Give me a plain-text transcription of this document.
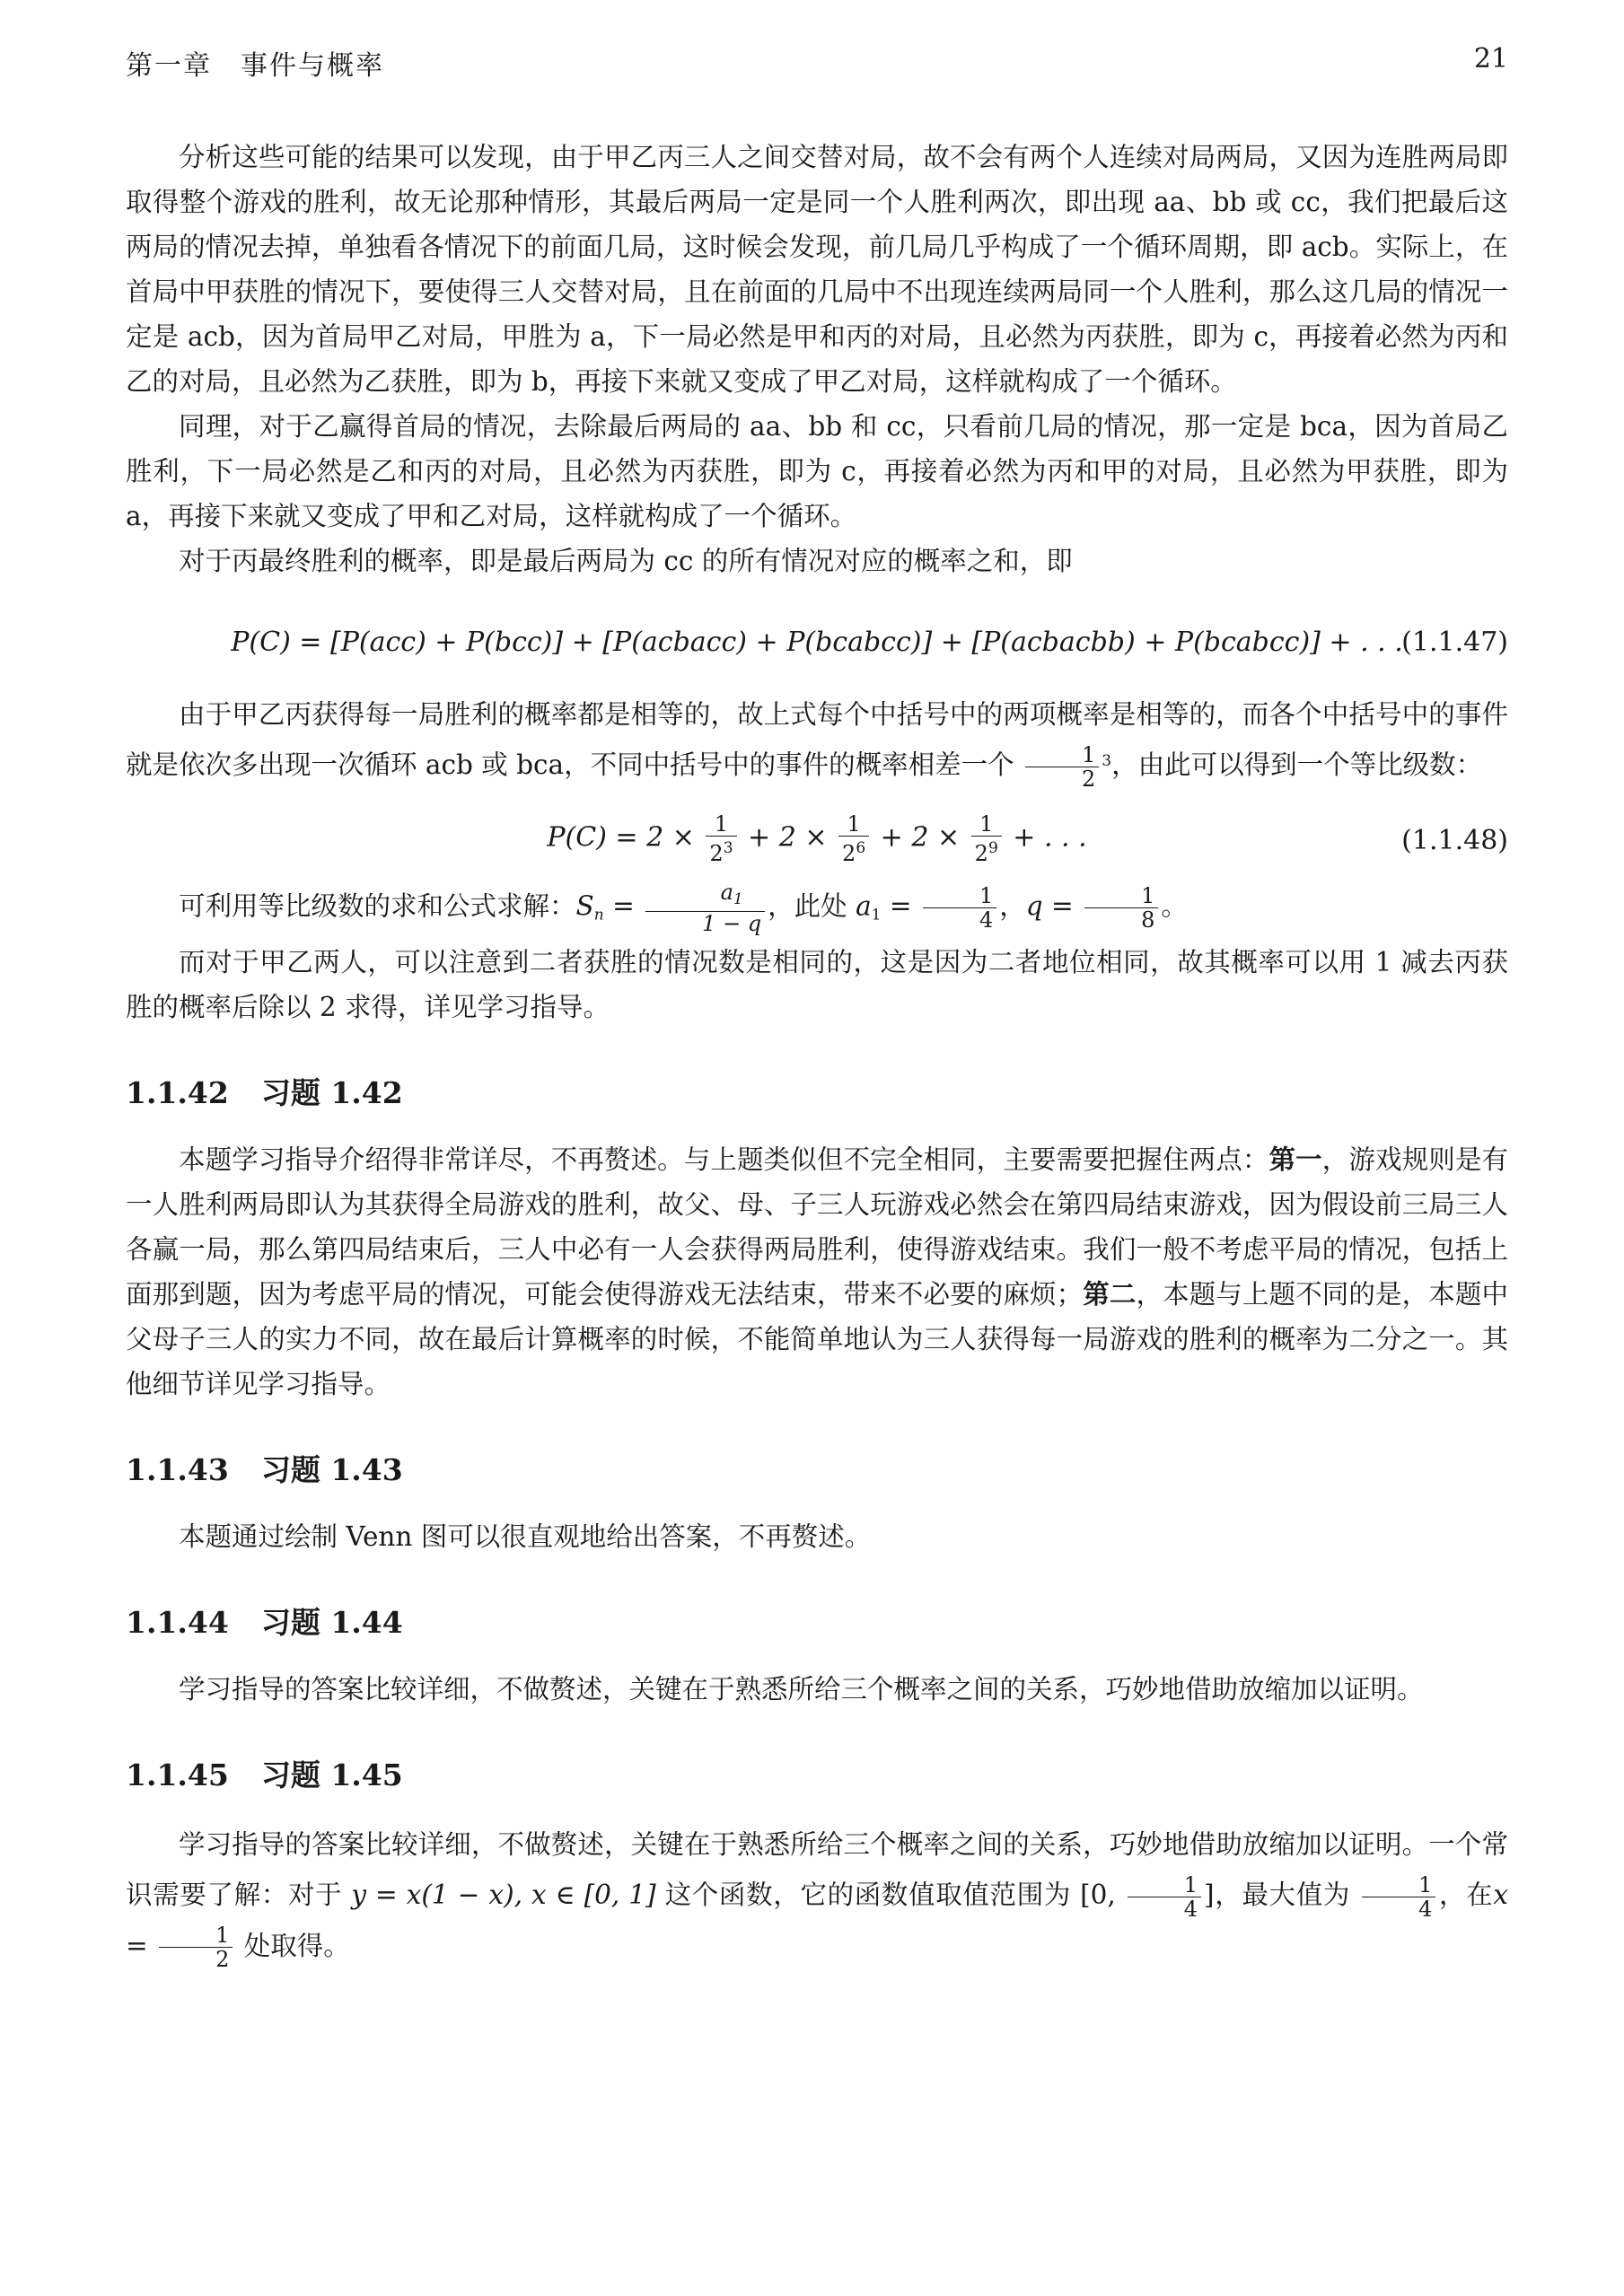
第一章　事件与概率	21

分析这些可能的结果可以发现，由于甲乙丙三人之间交替对局，故不会有两个人连续对局两局，又因为连胜两局即取得整个游戏的胜利，故无论那种情形，其最后两局一定是同一个人胜利两次，即出现 aa、bb 或 cc，我们把最后这两局的情况去掉，单独看各情况下的前面几局，这时候会发现，前几局几乎构成了一个循环周期，即 acb。实际上，在首局中甲获胜的情况下，要使得三人交替对局，且在前面的几局中不出现连续两局同一个人胜利，那么这几局的情况一定是 acb，因为首局甲乙对局，甲胜为 a，下一局必然是甲和丙的对局，且必然为丙获胜，即为 c，再接着必然为丙和乙的对局，且必然为乙获胜，即为 b，再接下来就又变成了甲乙对局，这样就构成了一个循环。

同理，对于乙赢得首局的情况，去除最后两局的 aa、bb 和 cc，只看前几局的情况，那一定是 bca，因为首局乙胜利，下一局必然是乙和丙的对局，且必然为丙获胜，即为 c，再接着必然为丙和甲的对局，且必然为甲获胜，即为 a，再接下来就又变成了甲和乙对局，这样就构成了一个循环。

对于丙最终胜利的概率，即是最后两局为 cc 的所有情况对应的概率之和，即

P(C) = [P(acc) + P(bcc)] + [P(acbacc) + P(bcabcc)] + [P(acbacbb) + P(bcabcc)] + . . .
(1.1.47)

由于甲乙丙获得每一局胜利的概率都是相等的，故上式每个中括号中的两项概率是相等的，而各个中括号中的事件就是依次多出现一次循环 acb 或 bca，不同中括号中的事件的概率相差一个 $\frac{1}{2} ^3$，由此可以得到一个等比级数：

$P(C) = 2 \times \frac{1}{2^3} + 2 \times \frac{1}{2^6} + 2 \times \frac{1}{2^9}$ + . . .	(1.1.48)

可利用等比级数的求和公式求解：$S_n = \frac{a_1}{1 - q}$ ，此处 $a_1 = \frac{1}{4}$ ，$q = \frac{1}{8}$ 。

而对于甲乙两人，可以注意到二者获胜的情况数是相同的，这是因为二者地位相同，故其概率可以用 1 减去丙获胜的概率后除以 2 求得，详见学习指导。

1.1.42 习题 1.42

本题学习指导介绍得非常详尽，不再赘述。与上题类似但不完全相同，主要需要把握住两点：第一，游戏规则是有一人胜利两局即认为其获得全局游戏的胜利，故父、母、子三人玩游戏必然会在第四局结束游戏，因为假设前三局三人各赢一局，那么第四局结束后，三人中必有一人会获得两局胜利，使得游戏结束。我们一般不考虑平局的情况，包括上面那到题，因为考虑平局的情况，可能会使得游戏无法结束，带来不必要的麻烦；第二，本题与上题不同的是，本题中父母子三人的实力不同，故在最后计算概率的时候，不能简单地认为三人获得每一局游戏的胜利的概率为二分之一。其他细节详见学习指导。

1.1.43 习题 1.43

本题通过绘制 Venn 图可以很直观地给出答案，不再赘述。

1.1.44 习题 1.44

学习指导的答案比较详细，不做赘述，关键在于熟悉所给三个概率之间的关系，巧妙地借助放缩加以证明。

1.1.45 习题 1.45

学习指导的答案比较详细，不做赘述，关键在于熟悉所给三个概率之间的关系，巧妙地借助放缩加以证明。一个常识需要了解：对于 y = x(1 − x), x ∈ [0, 1] 这个函数，它的函数值取值范围为 [0, $\frac{1}{4}$ ]，最大值为 $\frac{1}{4}$ ，在$x = \frac{1}{2}$ 处取得。
